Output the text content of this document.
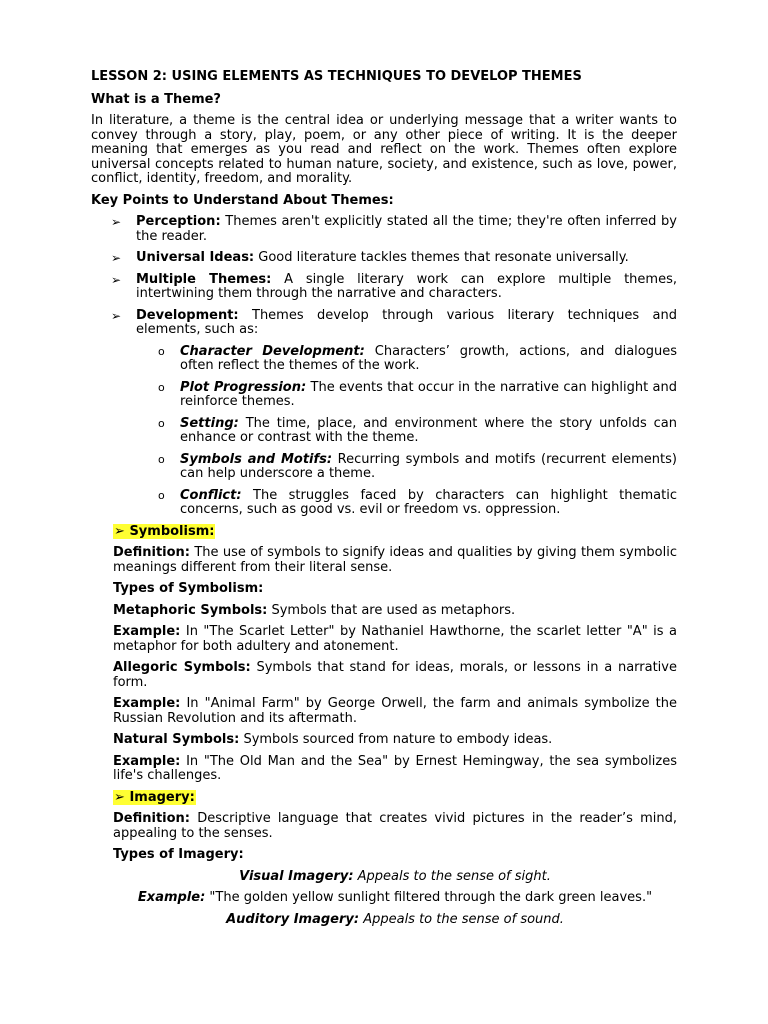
LESSON 2: USING ELEMENTS AS TECHNIQUES TO DEVELOP THEMES

What is a Theme?

In literature, a theme is the central idea or underlying message that a writer wants to convey through a story, play, poem, or any other piece of writing. It is the deeper meaning that emerges as you read and reflect on the work. Themes often explore universal concepts related to human nature, society, and existence, such as love, power, conflict, identity, freedom, and morality.

Key Points to Understand About Themes:

➢ Perception: Themes aren't explicitly stated all the time; they're often inferred by the reader.
➢ Universal Ideas: Good literature tackles themes that resonate universally.
➢ Multiple Themes: A single literary work can explore multiple themes, intertwining them through the narrative and characters.
➢ Development: Themes develop through various literary techniques and elements, such as:
o Character Development: Characters’ growth, actions, and dialogues often reflect the themes of the work.
o Plot Progression: The events that occur in the narrative can highlight and reinforce themes.
o Setting: The time, place, and environment where the story unfolds can enhance or contrast with the theme.
o Symbols and Motifs: Recurring symbols and motifs (recurrent elements) can help underscore a theme.
o Conflict: The struggles faced by characters can highlight thematic concerns, such as good vs. evil or freedom vs. oppression.

➢ Symbolism:

Definition: The use of symbols to signify ideas and qualities by giving them symbolic meanings different from their literal sense.

Types of Symbolism:

Metaphoric Symbols: Symbols that are used as metaphors.

Example: In "The Scarlet Letter" by Nathaniel Hawthorne, the scarlet letter "A" is a metaphor for both adultery and atonement.

Allegoric Symbols: Symbols that stand for ideas, morals, or lessons in a narrative form.

Example: In "Animal Farm" by George Orwell, the farm and animals symbolize the Russian Revolution and its aftermath.

Natural Symbols: Symbols sourced from nature to embody ideas.

Example: In "The Old Man and the Sea" by Ernest Hemingway, the sea symbolizes life's challenges.

➢ Imagery:

Definition: Descriptive language that creates vivid pictures in the reader’s mind, appealing to the senses.

Types of Imagery:

Visual Imagery: Appeals to the sense of sight.

Example: "The golden yellow sunlight filtered through the dark green leaves."

Auditory Imagery: Appeals to the sense of sound.
